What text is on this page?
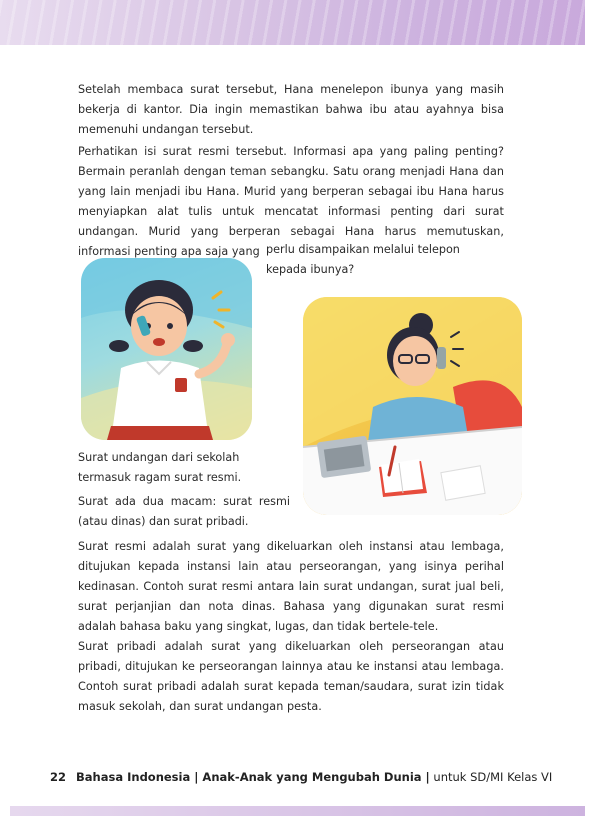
Setelah membaca surat tersebut, Hana menelepon ibunya yang masih bekerja di kantor. Dia ingin memastikan bahwa ibu atau ayahnya bisa memenuhi undangan tersebut.

Perhatikan isi surat resmi tersebut. Informasi apa yang paling penting? Bermain peranlah dengan teman sebangku. Satu orang menjadi Hana dan yang lain menjadi ibu Hana. Murid yang berperan sebagai ibu Hana harus menyiapkan alat tulis untuk mencatat informasi penting dari surat undangan. Murid yang berperan sebagai Hana harus memutuskan, informasi penting apa saja yang perlu disampaikan melalui telepon
kepada ibunya?

Surat undangan dari sekolah termasuk ragam surat resmi.

Surat ada dua macam: surat resmi (atau dinas) dan surat pribadi.

Surat resmi adalah surat yang dikeluarkan oleh instansi atau lembaga, ditujukan kepada instansi lain atau perseorangan, yang isinya perihal kedinasan. Contoh surat resmi antara lain surat undangan, surat jual beli, surat perjanjian dan nota dinas. Bahasa yang digunakan surat resmi adalah bahasa baku yang singkat, lugas, dan tidak bertele-tele.

Surat pribadi adalah surat yang dikeluarkan oleh perseorangan atau pribadi, ditujukan ke perseorangan lainnya atau ke instansi atau lembaga. Contoh surat pribadi adalah surat kepada teman/saudara, surat izin tidak masuk sekolah, dan surat undangan pesta.

22 Bahasa Indonesia | Anak-Anak yang Mengubah Dunia | untuk SD/MI Kelas VI
